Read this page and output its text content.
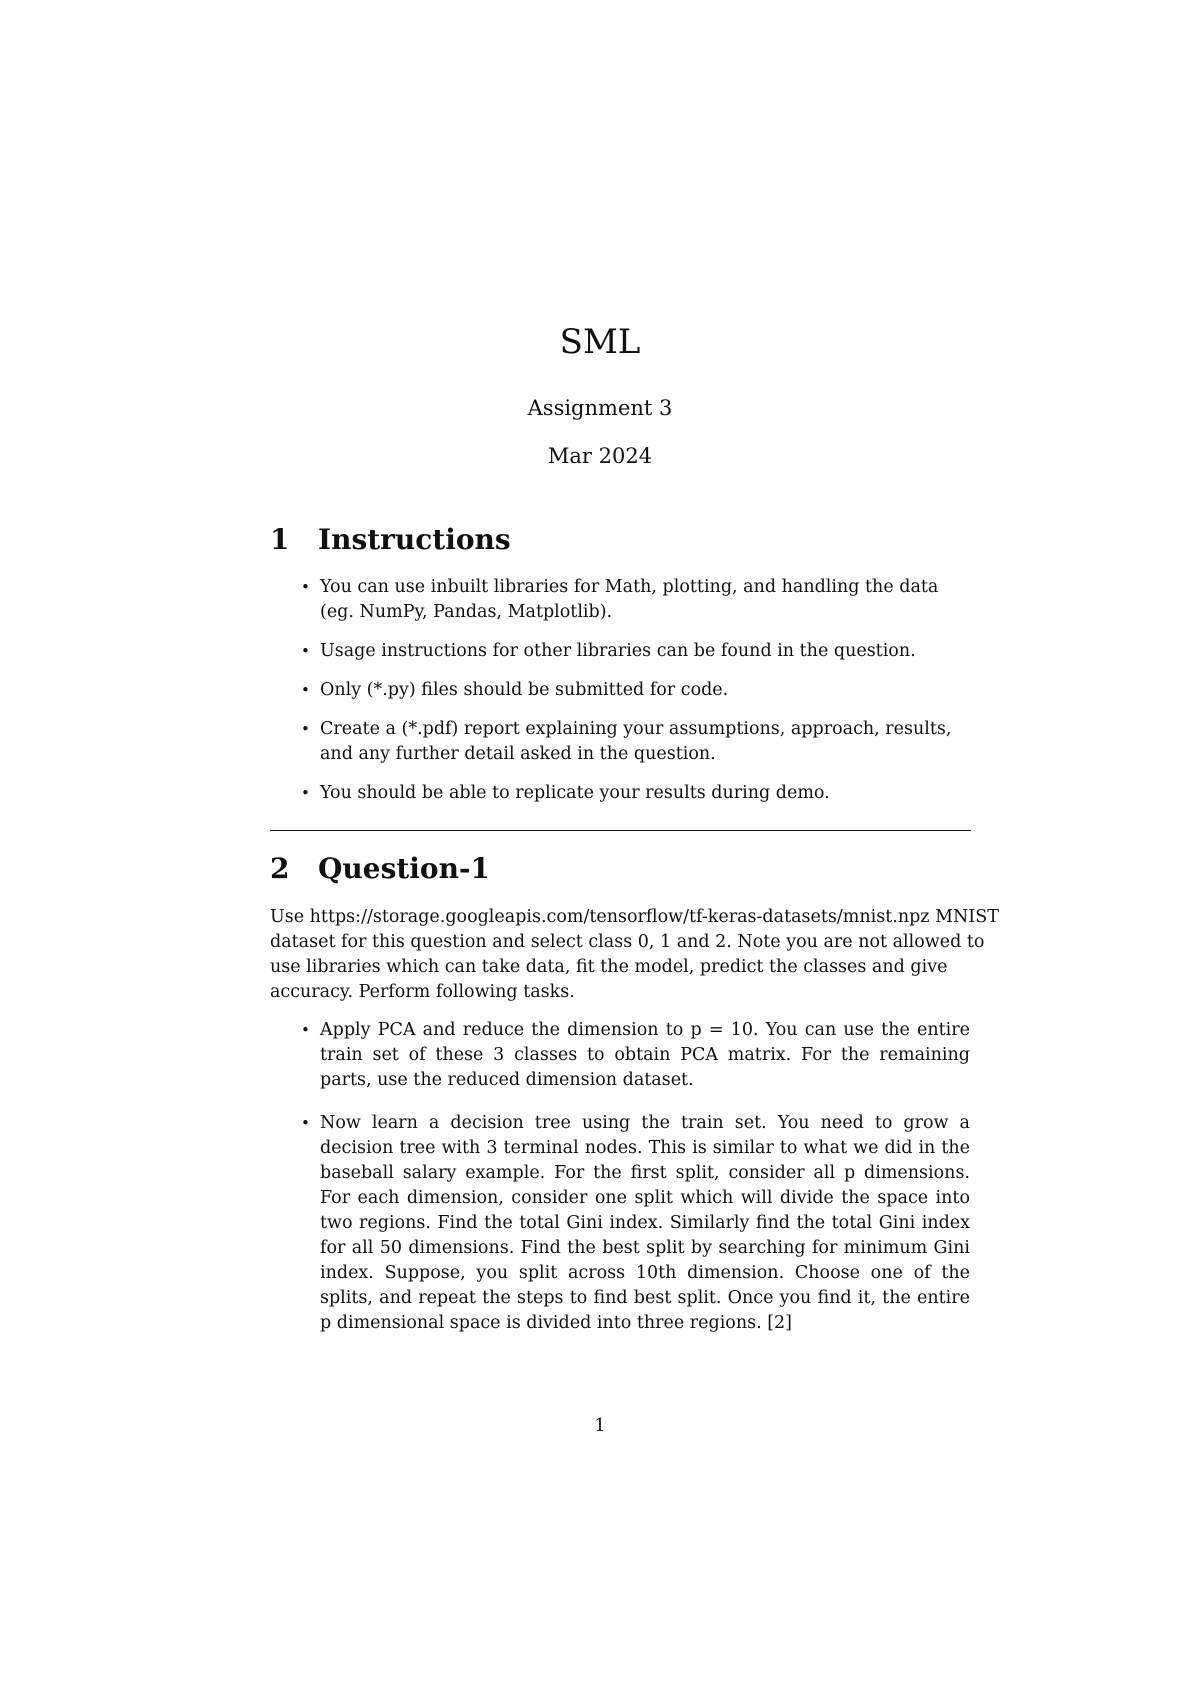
SML
Assignment 3
Mar 2024
1 Instructions
• You can use inbuilt libraries for Math, plotting, and handling the data (eg. NumPy, Pandas, Matplotlib).
• Usage instructions for other libraries can be found in the question.
• Only (*.py) files should be submitted for code.
• Create a (*.pdf) report explaining your assumptions, approach, results, and any further detail asked in the question.
• You should be able to replicate your results during demo.
2 Question-1
Use https://storage.googleapis.com/tensorflow/tf-keras-datasets/mnist.npz MNIST dataset for this question and select class 0, 1 and 2. Note you are not allowed to use libraries which can take data, fit the model, predict the classes and give accuracy. Perform following tasks.
• Apply PCA and reduce the dimension to p = 10. You can use the entire train set of these 3 classes to obtain PCA matrix. For the remaining parts, use the reduced dimension dataset.
• Now learn a decision tree using the train set. You need to grow a decision tree with 3 terminal nodes. This is similar to what we did in the baseball salary example. For the first split, consider all p dimensions. For each dimension, consider one split which will divide the space into two regions. Find the total Gini index. Similarly find the total Gini index for all 50 dimensions. Find the best split by searching for minimum Gini index. Suppose, you split across 10th dimension. Choose one of the splits, and repeat the steps to find best split. Once you find it, the entire p dimensional space is divided into three regions. [2]
1
